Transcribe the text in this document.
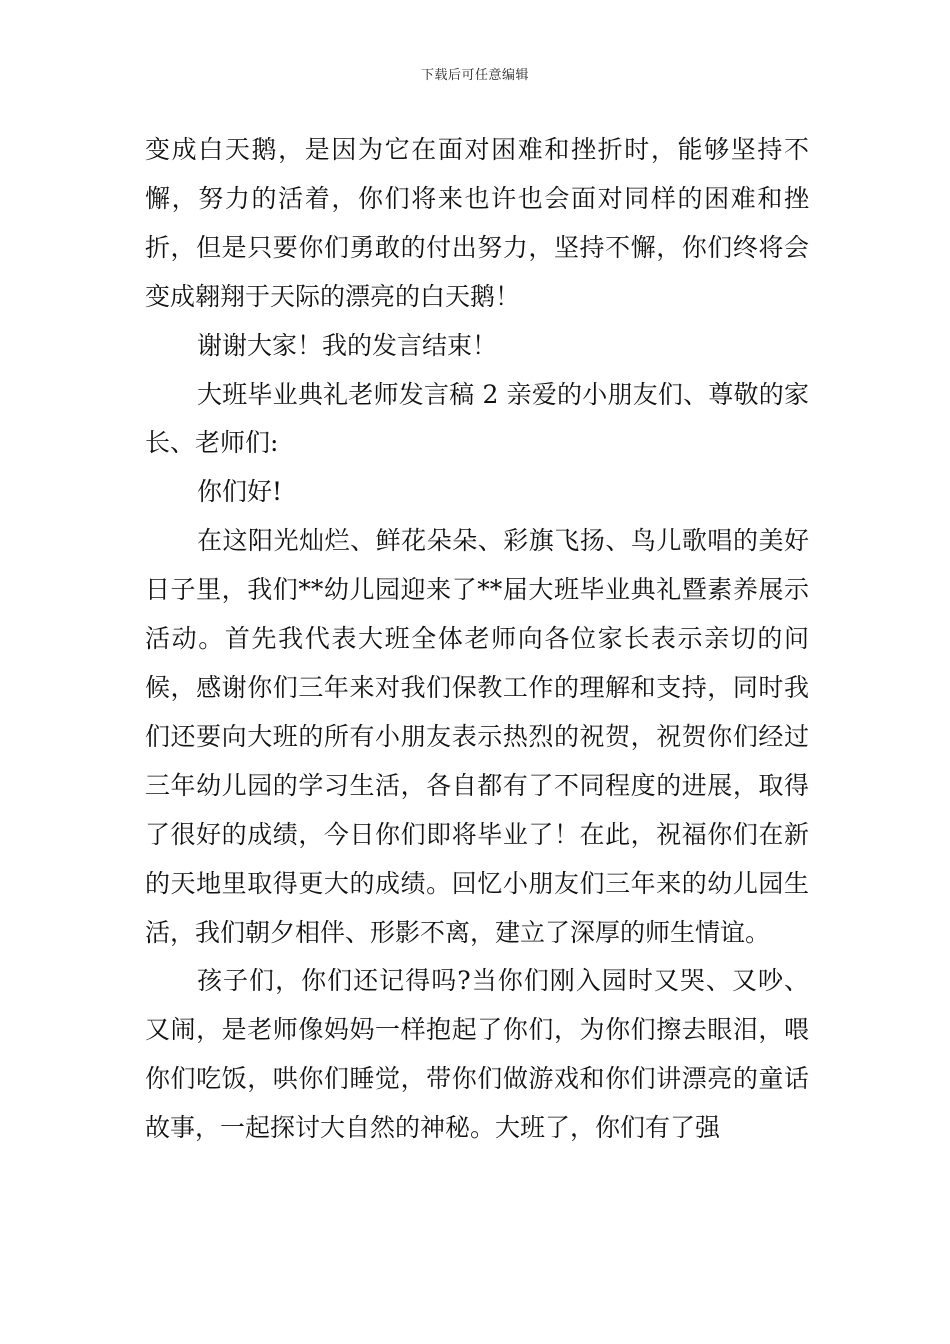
下载后可任意编辑

变成白天鹅，是因为它在面对困难和挫折时，能够坚持不懈，努力的活着，你们将来也许也会面对同样的困难和挫折，但是只要你们勇敢的付出努力，坚持不懈，你们终将会变成翱翔于天际的漂亮的白天鹅！

谢谢大家！我的发言结束！

大班毕业典礼老师发言稿 2 亲爱的小朋友们、尊敬的家长、老师们:

你们好!

在这阳光灿烂、鲜花朵朵、彩旗飞扬、鸟儿歌唱的美好日子里，我们**幼儿园迎来了**届大班毕业典礼暨素养展示活动。首先我代表大班全体老师向各位家长表示亲切的问候，感谢你们三年来对我们保教工作的理解和支持，同时我们还要向大班的所有小朋友表示热烈的祝贺，祝贺你们经过三年幼儿园的学习生活，各自都有了不同程度的进展，取得了很好的成绩，今日你们即将毕业了！在此，祝福你们在新的天地里取得更大的成绩。回忆小朋友们三年来的幼儿园生活，我们朝夕相伴、形影不离，建立了深厚的师生情谊。

孩子们，你们还记得吗?当你们刚入园时又哭、又吵、又闹，是老师像妈妈一样抱起了你们，为你们擦去眼泪，喂你们吃饭，哄你们睡觉，带你们做游戏和你们讲漂亮的童话故事，一起探讨大自然的神秘。大班了，你们有了强
